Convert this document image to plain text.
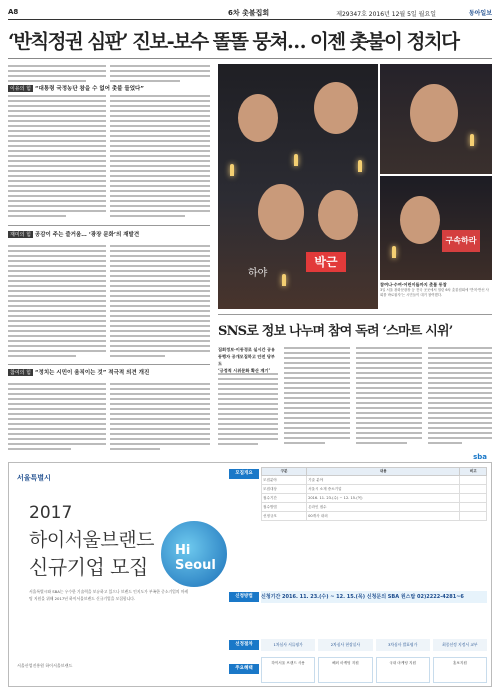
A8	6차 촛불집회	제29347호 2016년 12월 5일 월요일	동아일보
‘반칙정권 심판’ 진보-보수 똘똘 뭉쳐… 이젠 촛불이 정치다
이유의 힘 “대통령 국정농단 참을 수 없어 촛불 들었다”
재미의 힘 공감이 주는 즐거움… ‘광장 문화’의 재발견
참여의 힘 “정치는 시민이 움직이는 것” 적극적 의견 개진
박근
하야
구속하라
참여나·수여·어린이들까지 촛불 동참
3일 서울 광화문광장 등 전국 곳곳에서 열린 6차 촛불집회에 ‘반칙·반신 사회를 바로잡자’는 시민들이 대거 참여했다.
SNS로 정보 나누며 참여 독려 ‘스마트 시위’
집회정보·이동경로 실시간 공유
동행자 공개모집하고 안전 당부도
‘긍정적 시위문화 확산 계기’
서울특별시
2017
하이서울브랜드
신규기업 모집
Hi Seoul
서울특별시와 SBA는 우수한 기술력을 보유하고 있으나 브랜드 인지도가 부족한 중소기업의 마케팅 지원을 위해 2017년 하이서울브랜드 신규기업을 모집합니다.
서울산업진흥원 하이서울브랜드
sba
모집개요	구분	내용	비고
모집분야	기술 분야	
모집대상	서울시 소재 중소기업	
접수기간	2016. 11. 23.(수) ~ 12. 15.(목)	
접수방법	온라인 접수	
선정규모	00개사 내외	
신청방법	신청기간 2016. 11. 23.(수) ~ 12. 15.(목) 신청문의 SBA 원스탑 02)2222-4281~6
선정절차	1차심사 서류평가	2차심사 현장실사	3차심사 발표평가	최종선정 지정서 교부
주요혜택
하이서울 브랜드 사용	해외 마케팅 지원	국내 마케팅 지원	홍보지원
